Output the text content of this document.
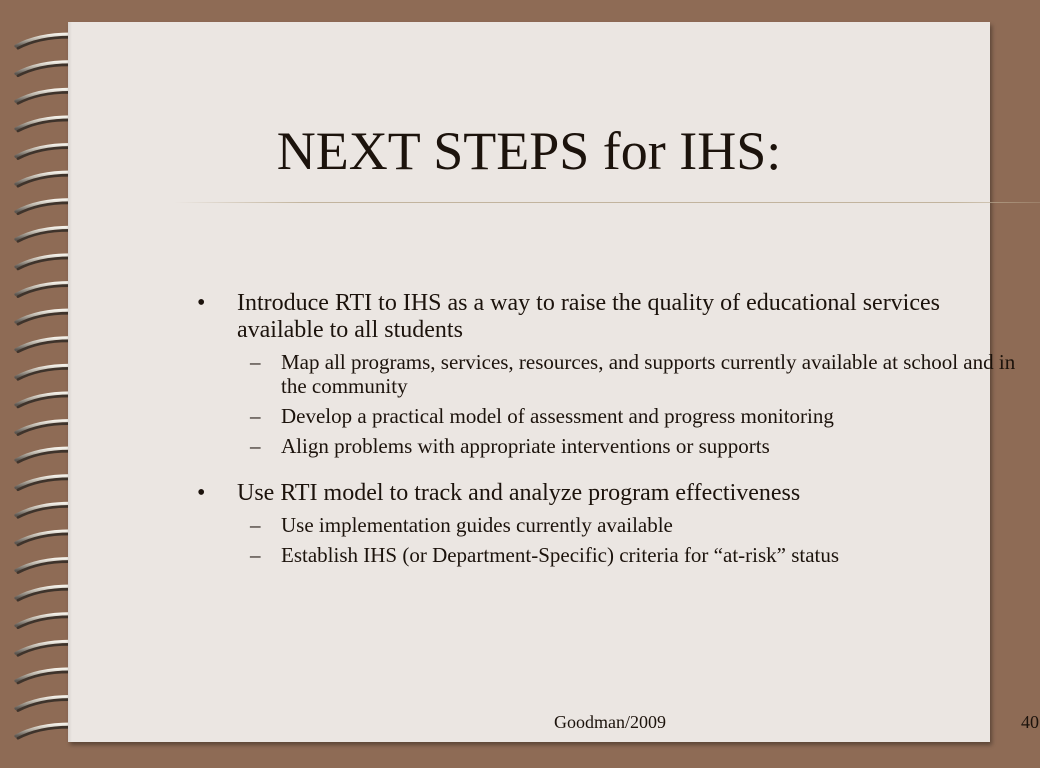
NEXT STEPS for IHS:
• Introduce RTI to IHS as a way to raise the quality of educational services available to all students
– Map all programs, services, resources, and supports currently available at school and in the community
– Develop a practical model of assessment and progress monitoring
– Align problems with appropriate interventions or supports
• Use RTI model to track and analyze program effectiveness
– Use implementation guides currently available
– Establish IHS (or Department-Specific) criteria for “at-risk” status
Goodman/2009	40
